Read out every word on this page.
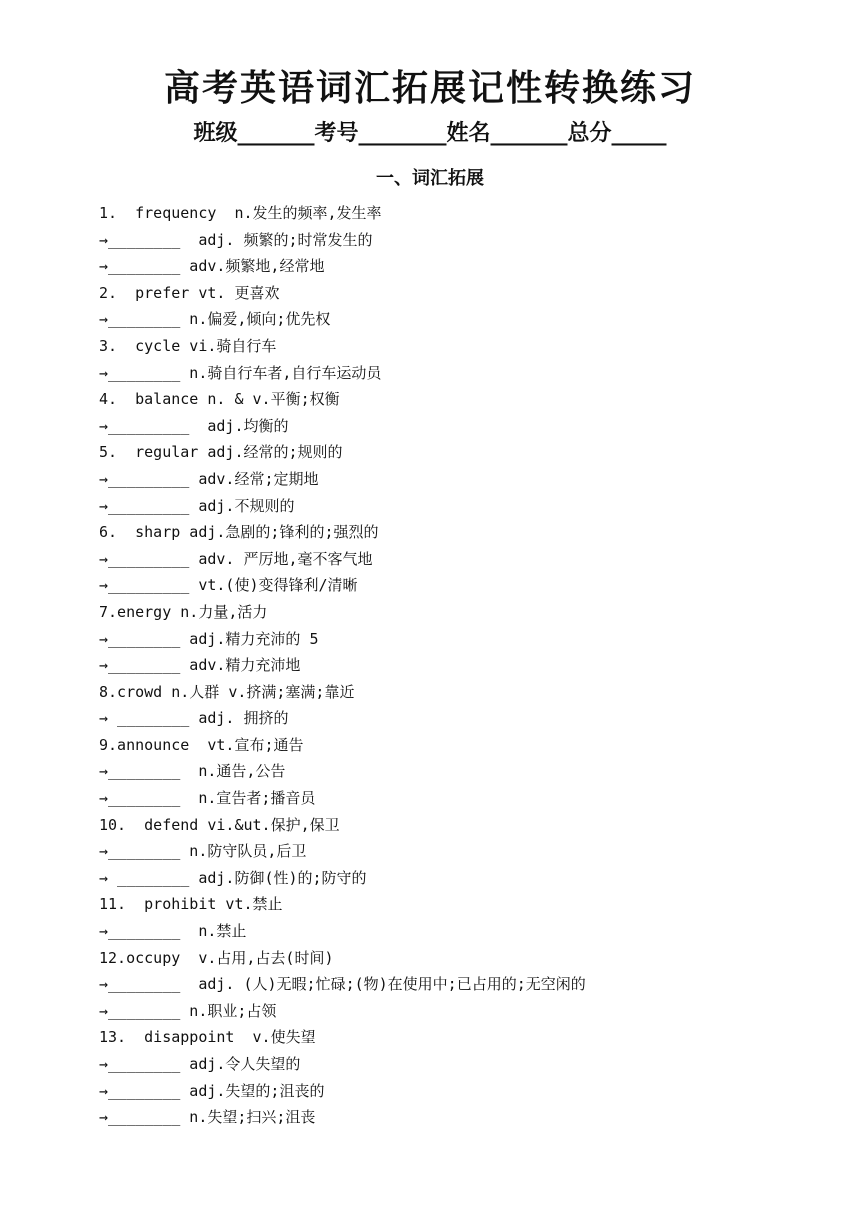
高考英语词汇拓展记性转换练习
班级_______考号________姓名_______总分_____
一、词汇拓展
1.  frequency  n.发生的频率,发生率
→________  adj. 频繁的;时常发生的
→________ adv.频繁地,经常地
2.  prefer vt. 更喜欢
→________ n.偏爱,倾向;优先权
3.  cycle vi.骑自行车
→________ n.骑自行车者,自行车运动员
4.  balance n. & v.平衡;权衡
→_________  adj.均衡的
5.  regular adj.经常的;规则的
→_________ adv.经常;定期地
→_________ adj.不规则的
6.  sharp adj.急剧的;锋利的;强烈的
→_________ adv. 严厉地,毫不客气地
→_________ vt.(使)变得锋利/清晰
7.energy n.力量,活力
→________ adj.精力充沛的 5
→________ adv.精力充沛地
8.crowd n.人群 v.挤满;塞满;靠近
→ ________ adj. 拥挤的
9.announce  vt.宣布;通告
→________  n.通告,公告
→________  n.宣告者;播音员
10.  defend vi.&ut.保护,保卫
→________ n.防守队员,后卫
→ ________ adj.防御(性)的;防守的
11.  prohibit vt.禁止
→________  n.禁止
12.occupy  v.占用,占去(时间)
→________  adj. (人)无暇;忙碌;(物)在使用中;已占用的;无空闲的
→________ n.职业;占领
13.  disappoint  v.使失望
→________ adj.令人失望的
→________ adj.失望的;沮丧的
→________ n.失望;扫兴;沮丧
